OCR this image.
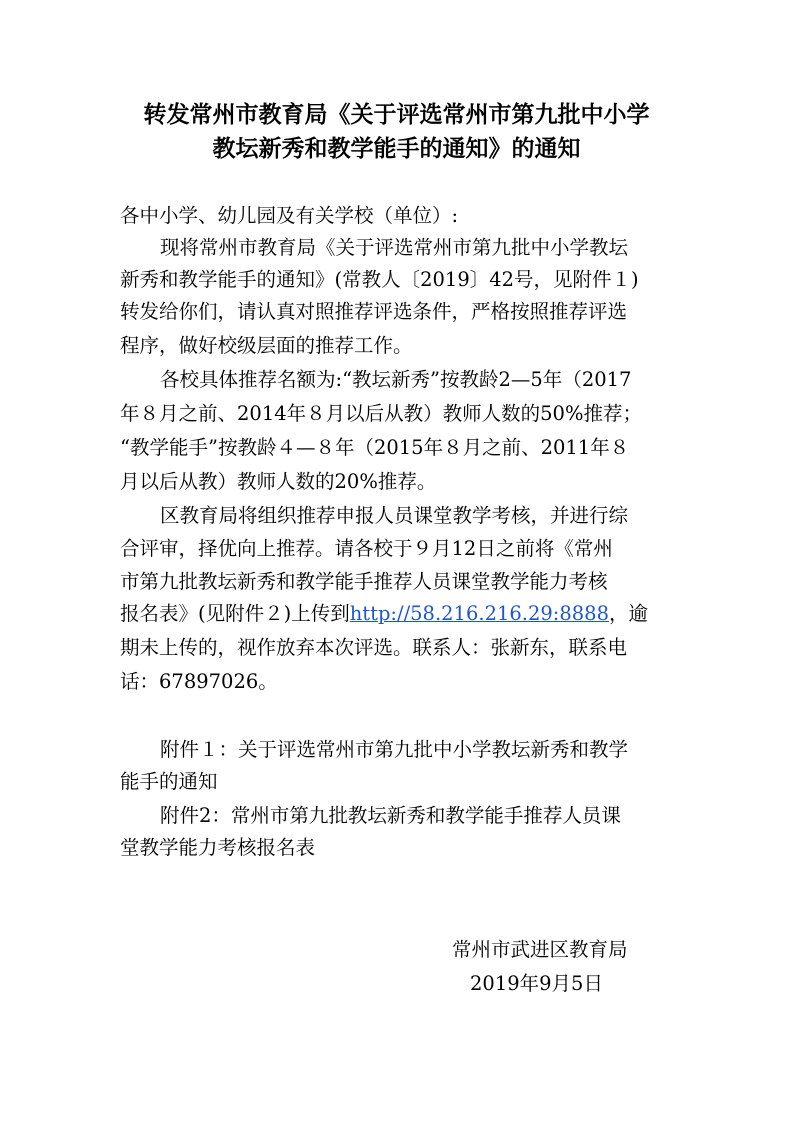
转发常州市教育局《关于评选常州市第九批中小学
教坛新秀和教学能手的通知》的通知
各中小学、幼儿园及有关学校（单位）:
现将常州市教育局《关于评选常州市第九批中小学教坛
新秀和教学能手的通知》(常教人〔2019〕42号，见附件１)
转发给你们，请认真对照推荐评选条件，严格按照推荐评选
程序，做好校级层面的推荐工作。
各校具体推荐名额为:“教坛新秀”按教龄2—5年（2017
年８月之前、2014年８月以后从教）教师人数的50%推荐；
“教学能手”按教龄４—８年（2015年８月之前、2011年８
月以后从教）教师人数的20%推荐。
区教育局将组织推荐申报人员课堂教学考核，并进行综
合评审，择优向上推荐。请各校于９月12日之前将《常州
市第九批教坛新秀和教学能手推荐人员课堂教学能力考核
报名表》(见附件２)上传到http://58.216.216.29:8888，逾
期未上传的，视作放弃本次评选。联系人：张新东，联系电
话：67897026。
附件１：关于评选常州市第九批中小学教坛新秀和教学
能手的通知
附件2：常州市第九批教坛新秀和教学能手推荐人员课
堂教学能力考核报名表
常州市武进区教育局
2019年9月5日
